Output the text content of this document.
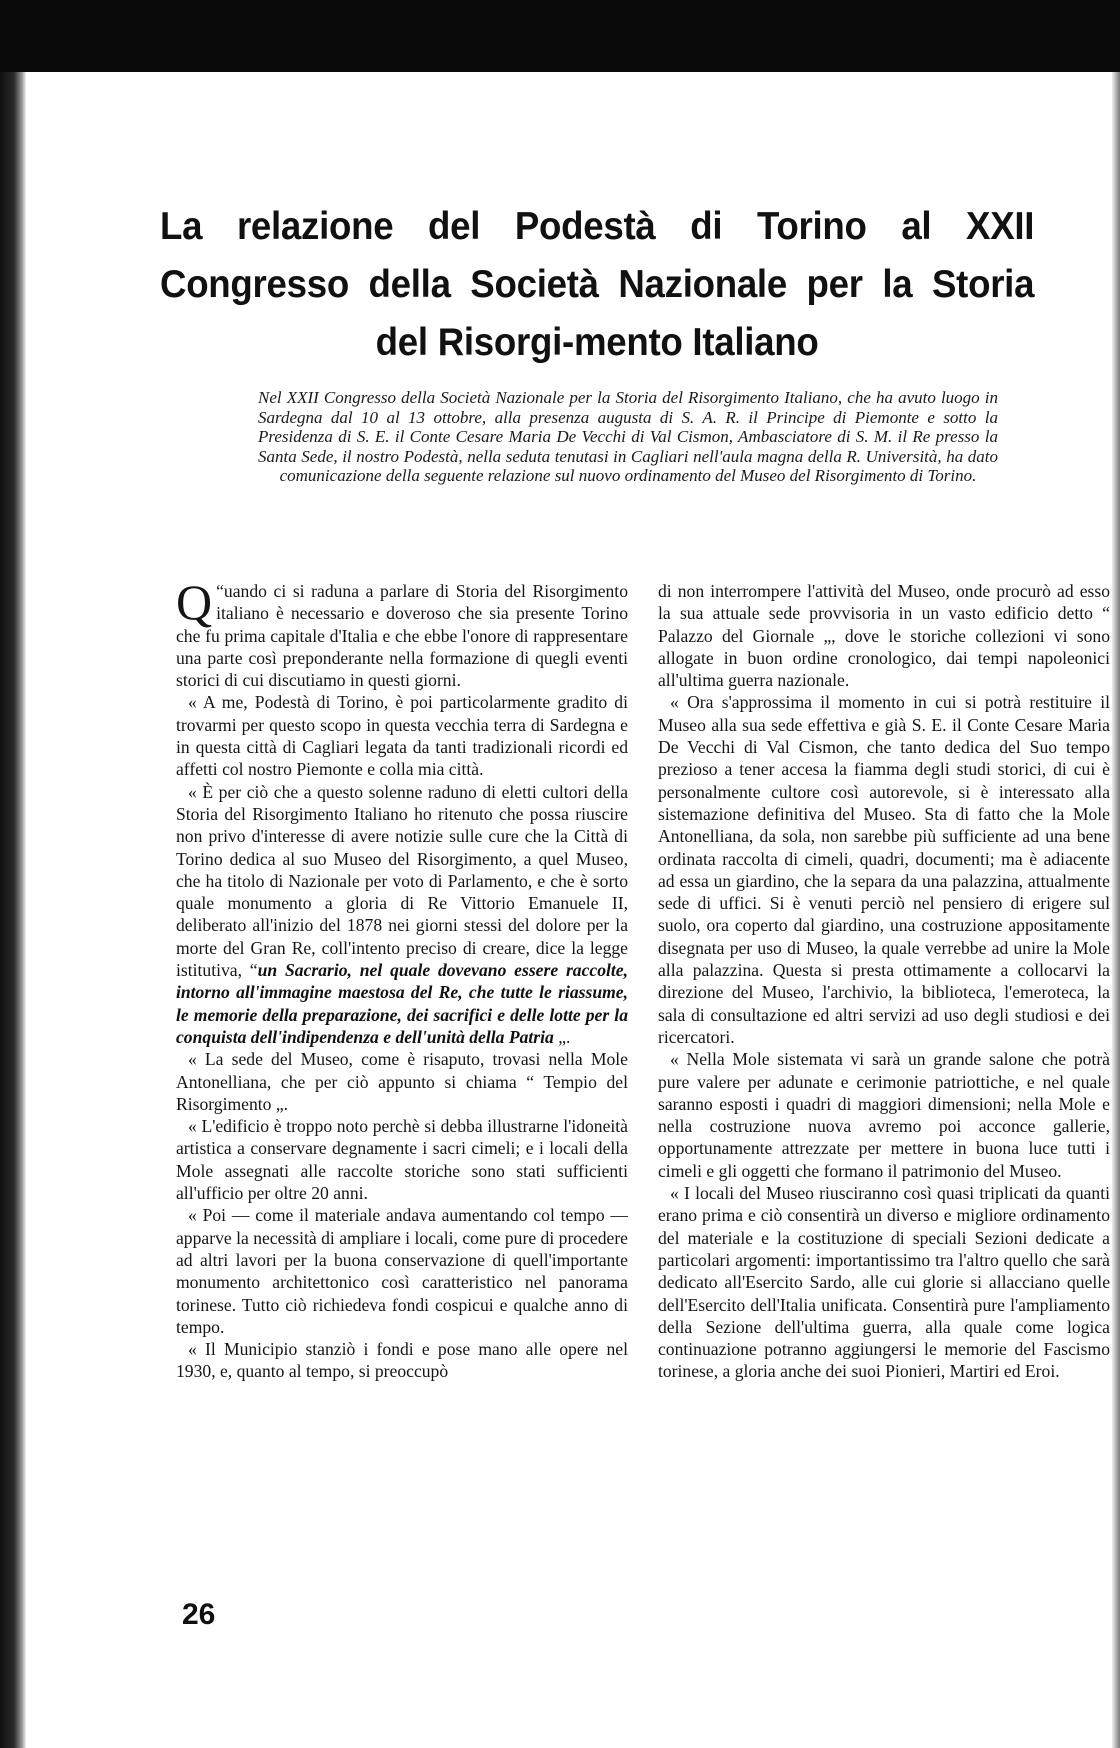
La relazione del Podestà di Torino al XXII Congresso della Società Nazionale per la Storia del Risorgi-mento Italiano

Nel XXII Congresso della Società Nazionale per la Storia del Risorgimento Italiano, che ha avuto luogo in Sardegna dal 10 al 13 ottobre, alla presenza augusta di S. A. R. il Principe di Piemonte e sotto la Presidenza di S. E. il Conte Cesare Maria De Vecchi di Val Cismon, Ambasciatore di S. M. il Re presso la Santa Sede, il nostro Podestà, nella seduta tenutasi in Cagliari nell'aula magna della R. Università, ha dato comunicazione della seguente relazione sul nuovo ordinamento del Museo del Risorgimento di Torino.

“
Q uando ci si raduna a parlare di Storia del Risorgimento italiano è necessario e doveroso che sia presente Torino che fu prima capitale d'Italia e che ebbe l'onore di rappresentare una parte così preponderante nella formazione di quegli eventi storici di cui discutiamo in questi giorni.

« A me, Podestà di Torino, è poi particolarmente gradito di trovarmi per questo scopo in questa vecchia terra di Sardegna e in questa città di Cagliari legata da tanti tradizionali ricordi ed affetti col nostro Piemonte e colla mia città.

« È per ciò che a questo solenne raduno di eletti cultori della Storia del Risorgimento Italiano ho ritenuto che possa riuscire non privo d'interesse di avere notizie sulle cure che la Città di Torino dedica al suo Museo del Risorgimento, a quel Museo, che ha titolo di Nazionale per voto di Parlamento, e che è sorto quale monumento a gloria di Re Vittorio Emanuele II, deliberato all'inizio del 1878 nei giorni stessi del dolore per la morte del Gran Re, coll'intento preciso di creare, dice la legge istitutiva, “un Sacrario, nel quale dovevano essere raccolte, intorno all'immagine maestosa del Re, che tutte le riassume, le memorie della preparazione, dei sacrifici e delle lotte per la conquista dell'indipendenza e dell'unità della Patria „.

« La sede del Museo, come è risaputo, trovasi nella Mole Antonelliana, che per ciò appunto si chiama “ Tempio del Risorgimento „.

« L'edificio è troppo noto perchè si debba illustrarne l'idoneità artistica a conservare degnamente i sacri cimeli; e i locali della Mole assegnati alle raccolte storiche sono stati sufficienti all'ufficio per oltre 20 anni.

« Poi — come il materiale andava aumentando col tempo — apparve la necessità di ampliare i locali, come pure di procedere ad altri lavori per la buona conservazione di quell'importante monumento architettonico così caratteristico nel panorama torinese. Tutto ciò richiedeva fondi cospicui e qualche anno di tempo.

« Il Municipio stanziò i fondi e pose mano alle opere nel 1930, e, quanto al tempo, si preoccupò

di non interrompere l'attività del Museo, onde procurò ad esso la sua attuale sede provvisoria in un vasto edificio detto “ Palazzo del Giornale „, dove le storiche collezioni vi sono allogate in buon ordine cronologico, dai tempi napoleonici all'ultima guerra nazionale.

« Ora s'approssima il momento in cui si potrà restituire il Museo alla sua sede effettiva e già S. E. il Conte Cesare Maria De Vecchi di Val Cismon, che tanto dedica del Suo tempo prezioso a tener accesa la fiamma degli studi storici, di cui è personalmente cultore così autorevole, si è interessato alla sistemazione definitiva del Museo. Sta di fatto che la Mole Antonelliana, da sola, non sarebbe più sufficiente ad una bene ordinata raccolta di cimeli, quadri, documenti; ma è adiacente ad essa un giardino, che la separa da una palazzina, attualmente sede di uffici. Si è venuti perciò nel pensiero di erigere sul suolo, ora coperto dal giardino, una costruzione appositamente disegnata per uso di Museo, la quale verrebbe ad unire la Mole alla palazzina. Questa si presta ottimamente a collocarvi la direzione del Museo, l'archivio, la biblioteca, l'emeroteca, la sala di consultazione ed altri servizi ad uso degli studiosi e dei ricercatori.

« Nella Mole sistemata vi sarà un grande salone che potrà pure valere per adunate e cerimonie patriottiche, e nel quale saranno esposti i quadri di maggiori dimensioni; nella Mole e nella costruzione nuova avremo poi acconce gallerie, opportunamente attrezzate per mettere in buona luce tutti i cimeli e gli oggetti che formano il patrimonio del Museo.

« I locali del Museo riusciranno così quasi triplicati da quanti erano prima e ciò consentirà un diverso e migliore ordinamento del materiale e la costituzione di speciali Sezioni dedicate a particolari argomenti: importantissimo tra l'altro quello che sarà dedicato all'Esercito Sardo, alle cui glorie si allacciano quelle dell'Esercito dell'Italia unificata. Consentirà pure l'ampliamento della Sezione dell'ultima guerra, alla quale come logica continuazione potranno aggiungersi le memorie del Fascismo torinese, a gloria anche dei suoi Pionieri, Martiri ed Eroi.

26
